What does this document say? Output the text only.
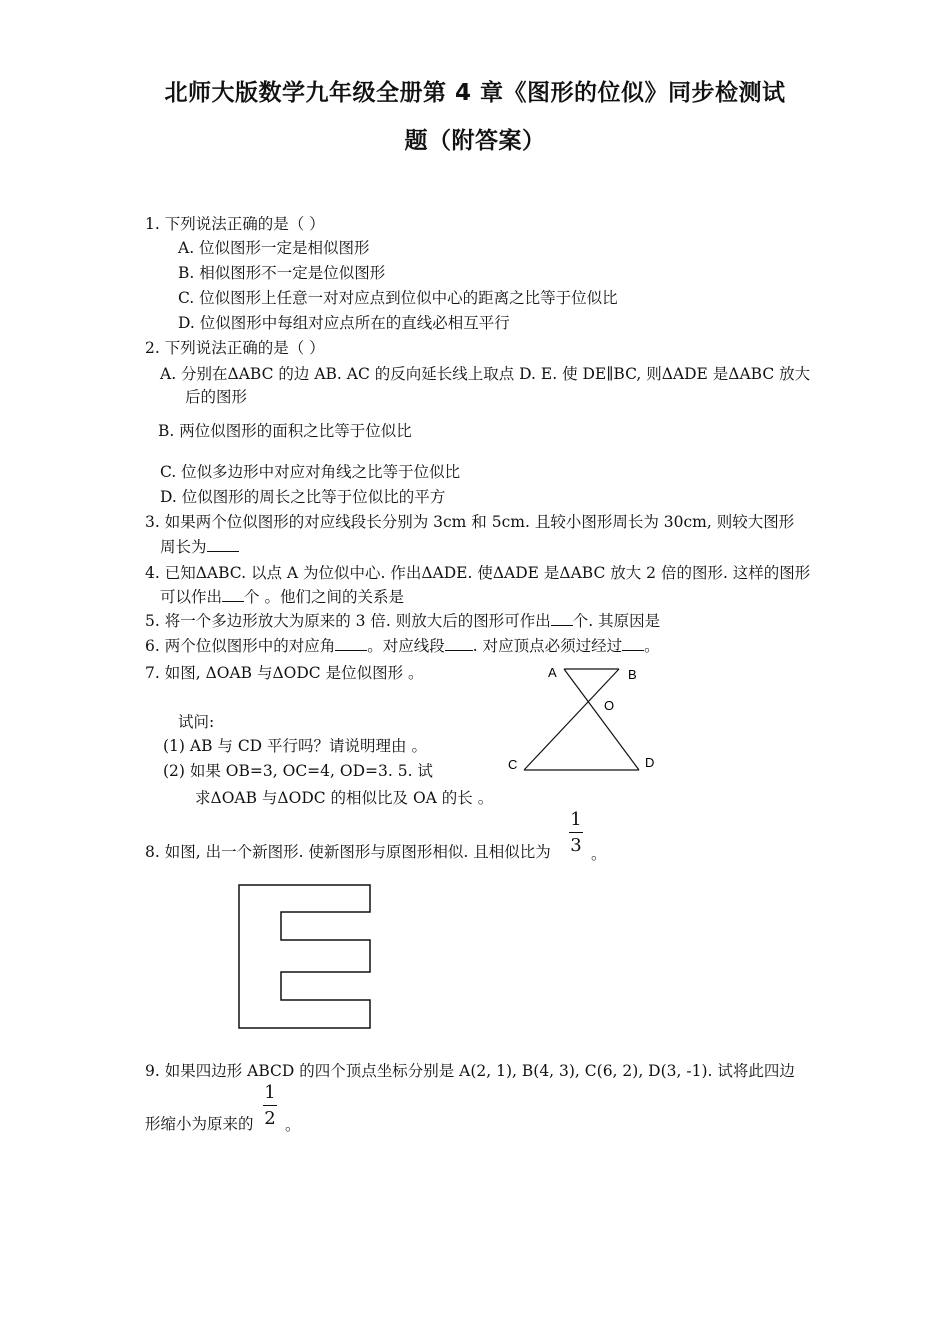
北师大版数学九年级全册第 4 章《图形的位似》同步检测试
题（附答案）
1. 下列说法正确的是（ ）
A. 位似图形一定是相似图形
B. 相似图形不一定是位似图形
C. 位似图形上任意一对对应点到位似中心的距离之比等于位似比
D. 位似图形中每组对应点所在的直线必相互平行
2. 下列说法正确的是（ ）
A. 分别在ΔABC 的边 AB. AC 的反向延长线上取点 D. E. 使 DE∥BC, 则ΔADE 是ΔABC 放大
后的图形
B. 两位似图形的面积之比等于位似比
C. 位似多边形中对应对角线之比等于位似比
D. 位似图形的周长之比等于位似比的平方
3. 如果两个位似图形的对应线段长分别为 3cm 和 5cm. 且较小图形周长为 30cm, 则较大图形
周长为
4. 已知ΔABC. 以点 A 为位似中心. 作出ΔADE. 使ΔADE 是ΔABC 放大 2 倍的图形. 这样的图形
可以作出 个 。他们之间的关系是
5. 将一个多边形放大为原来的 3 倍. 则放大后的图形可作出 个. 其原因是
6. 两个位似图形中的对应角 。对应线段 . 对应顶点必须过经过 。
7. 如图, ΔOAB 与ΔODC 是位似图形 。
试问:
(1) AB 与 CD 平行吗？请说明理由 。
(2) 如果 OB=3, OC=4, OD=3. 5. 试
求ΔOAB 与ΔODC 的相似比及 OA 的长 。
A	B
O
C	D
8. 如图, 出一个新图形. 使新图形与原图形相似. 且相似比为
1
3 。
9. 如果四边形 ABCD 的四个顶点坐标分别是 A(2, 1), B(4, 3), C(6, 2), D(3, -1). 试将此四边
形缩小为原来的
1
2 。
